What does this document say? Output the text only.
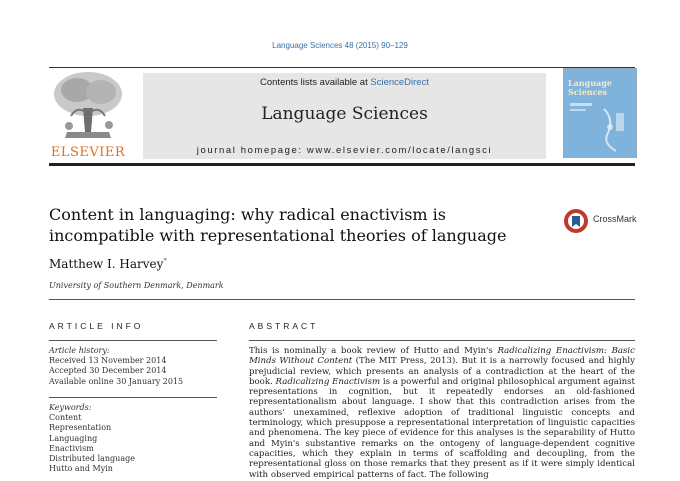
Language Sciences 48 (2015) 90–129
ELSEVIER
Contents lists available at ScienceDirect
Language Sciences
journal homepage: www.elsevier.com/locate/langsci
Language
Sciences
Content in languaging: why radical enactivism is
incompatible with representational theories of language
CrossMark
Matthew I. Harvey*
University of Southern Denmark, Denmark
ARTICLE INFO	ABSTRACT
Article history:
Received 13 November 2014
Accepted 30 December 2014
Available online 30 January 2015
Keywords:
Content
Representation
Languaging
Enactivism
Distributed language
Hutto and Myin
This is nominally a book review of Hutto and Myin's Radicalizing Enactivism: Basic Minds Without Content (The MIT Press, 2013). But it is a narrowly focused and highly prejudicial review, which presents an analysis of a contradiction at the heart of the book. Radicalizing Enactivism is a powerful and original philosophical argument against representations in cognition, but it repeatedly endorses an old-fashioned representationalism about language. I show that this contradiction arises from the authors' unexamined, reflexive adoption of traditional linguistic concepts and terminology, which presuppose a representational interpretation of linguistic capacities and phenomena. The key piece of evidence for this analyses is the separability of Hutto and Myin's substantive remarks on the ontogeny of language-dependent cognitive capacities, which they explain in terms of scaffolding and decoupling, from the representational gloss on those remarks that they present as if it were simply identical with observed empirical patterns of fact. The following
